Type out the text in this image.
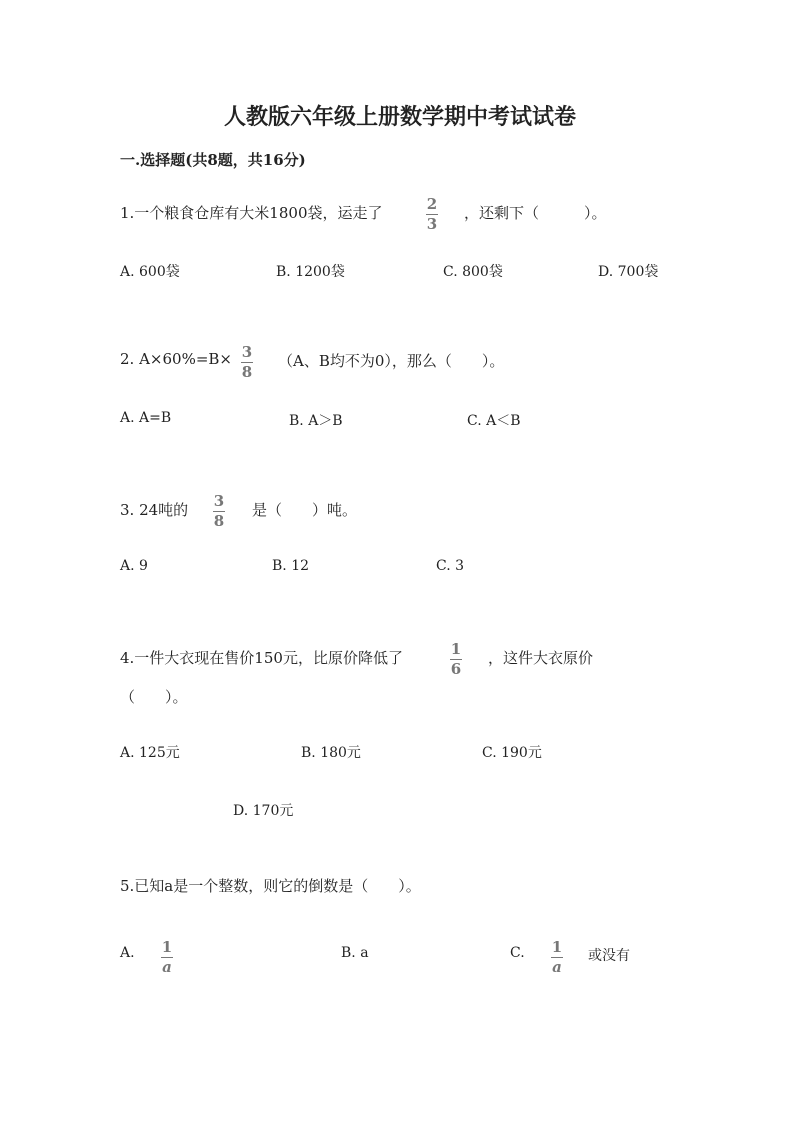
人教版六年级上册数学期中考试试卷
一.选择题(共8题，共16分)
1.一个粮食仓库有大米1800袋，运走了	2
3
，还剩下（　　　）。
A. 600袋	B. 1200袋	C. 800袋	D. 700袋
2. A×60%=B× 3
8
（A、B均不为0），那么（　　）。
A. A=B	B. A＞B	C. A＜B
3. 24吨的 3
8
是（　　）吨。
A. 9	B. 12	C. 3
4.一件大衣现在售价150元，比原价降低了	1
6
，这件大衣原价
（　　）。
A. 125元	B. 180元	C. 190元
D. 170元
5.已知a是一个整数，则它的倒数是（　　）。
A. 1
a
B. a	C. 1
a
或没有
